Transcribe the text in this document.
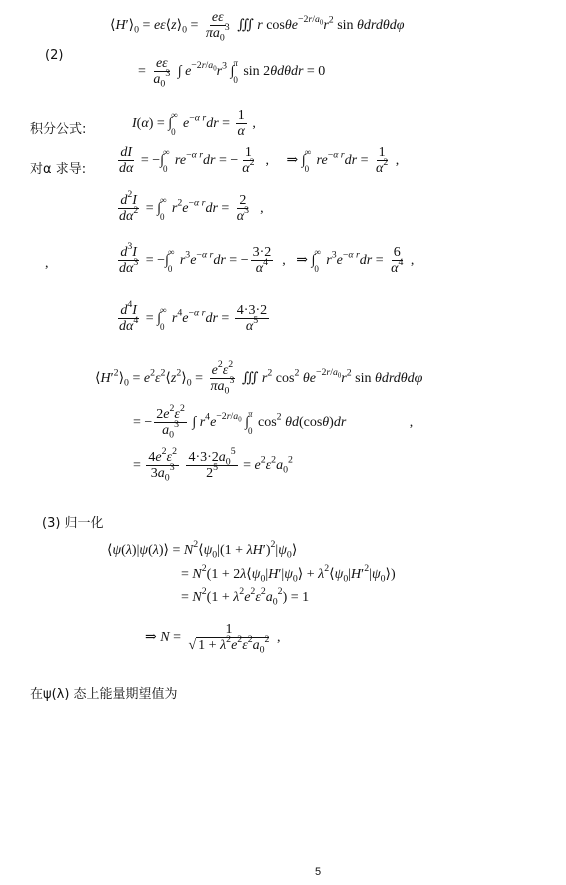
$⟨H'⟩_0$ = $e\varepsilon⟨z⟩_0 = \frac{e\varepsilon}{\pi a_0^3}$ ∭ r $\cos\theta e^{-2r/a_0}r^2$ sin θdrdθdφ
(2)
= $\frac{e\varepsilon}{a_0^3}$ ∫ $e^{-2r/a_0}r^3$ ∫
π
0
sin 2θdθdr = 0
积分公式:	I(α) = ∫
∞
0
$e^{-\alpha r}dr = \frac{1}{\alpha}$ ,
对α 求导: $\frac{dI}{d\alpha}$ = −∫
∞
0
$re^{-\alpha r}dr$ = − $\frac{1}{\alpha^2}$ ,     ⇒ ∫
∞
0
$re^{-\alpha r}dr = \frac{1}{\alpha^2}$ ,
$\frac{d^2I}{d\alpha^2}$ = ∫
∞
0
$r^2e^{-\alpha r}dr = \frac{2}{\alpha^3}$ ,
,	$\frac{d^3I}{d\alpha^3}$ = −∫
∞
0
$r^3e^{-\alpha r}dr$ = − $\frac{3\cdot 2}{\alpha^4}$ ,   ⇒ ∫
∞
0
$r^3e^{-\alpha r}dr = \frac{6}{\alpha^4}$ ,
$\frac{d^4I}{d\alpha^4}$ = ∫
∞
0
$r^4e^{-\alpha r}dr = \frac{4\cdot 3\cdot 2}{\alpha^5}$
$⟨H'^2⟩_0$ = $e^2\varepsilon^2⟨z^2⟩_0 = \frac{e^2\varepsilon^2}{\pi a_0^3}$ ∭ $r^2$ $\cos^2 \theta e^{-2r/a_0}r^2$ sin θdrdθdφ
= − $\frac{2e^2\varepsilon^2}{a_0^3}$ ∫ $r^4e^{-2r/a_0}$ ∫
π
0
$\cos^2 \theta d(\cos\theta)dr$	,
= $\frac{4e^2\varepsilon^2}{3a_0^3}$
$\frac{4\cdot 3\cdot 2a_0^5}{2^5} = e^2\varepsilon^2a_0^2$
(3) 归一化
⟨ψ(λ)|ψ(λ)⟩ = $N^2⟨\psi_0|(1$ + $\lambda H')^2|\psi_0⟩$
= $N^2(1$ + $2\lambda⟨\psi_0|H'|\psi_0⟩$ + $\lambda^2⟨\psi_0|H'^2|\psi_0⟩$)
= $N^2(1 + \lambda^2e^2\varepsilon^2a_0^2) = 1$
⇒ $N = \frac{1}{√ 1 + \lambda^2e^2\varepsilon^2a_0^2}$ ,
在ψ(λ) 态上能量期望值为
5
